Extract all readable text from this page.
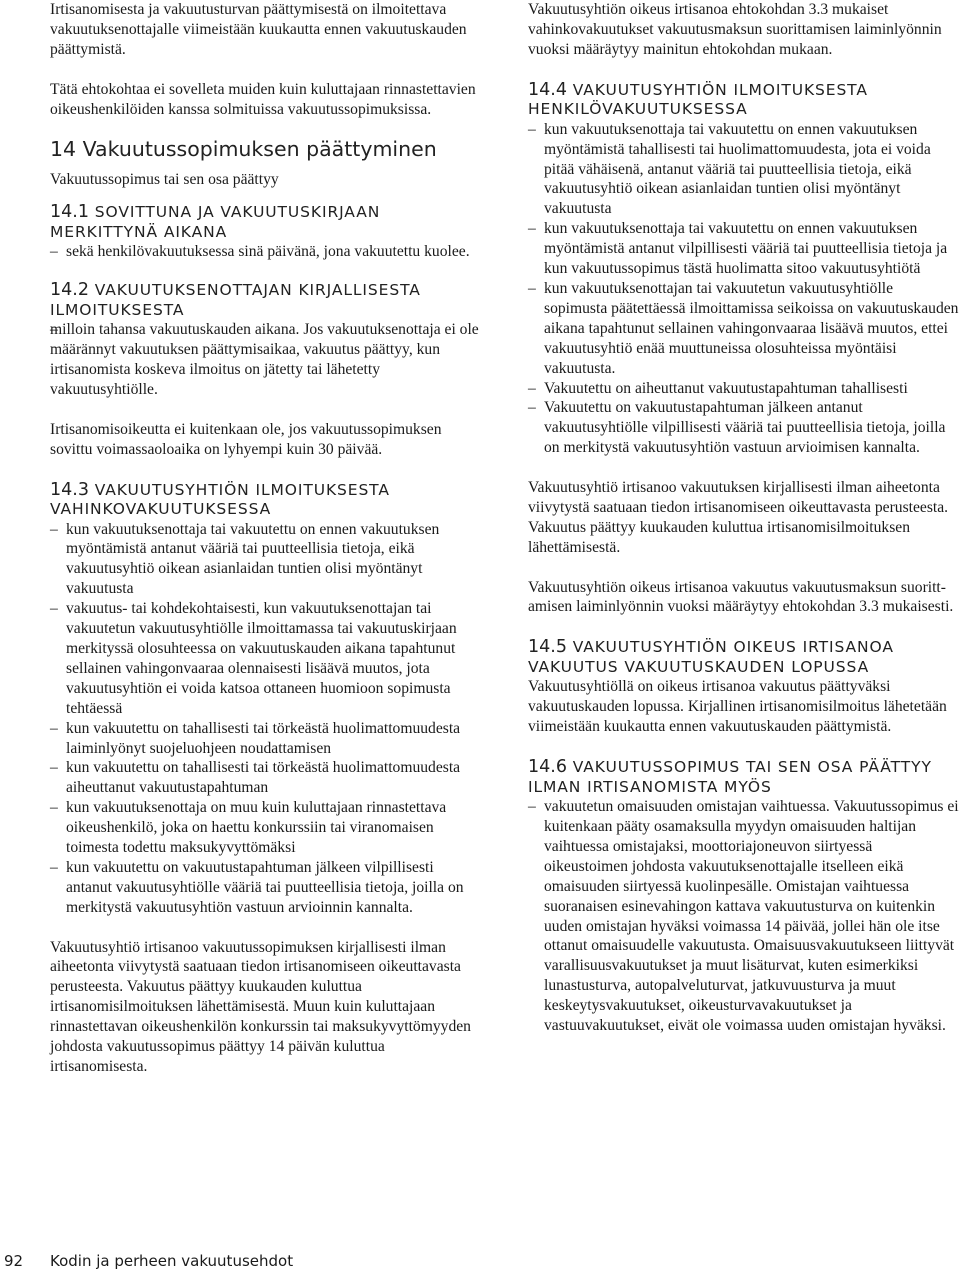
Irtisanomisesta ja vakuutusturvan päättymisestä on ilmoitettava vakuutuksenottajalle viimeistään kuukautta ennen vakuutuskauden päättymistä.

Tätä ehtokohtaa ei sovelleta muiden kuin kuluttajaan rinnastettavien oikeushenkilöiden kanssa solmituissa vakuutussopimuksissa.

14 Vakuutussopimuksen päättyminen

Vakuutussopimus tai sen osa päättyy

14.1 SOVITTUNA JA VAKUUTUSKIRJAAN MERKITTYNÄ AIKANA
– sekä henkilövakuutuksessa sinä päivänä, jona vakuutettu kuolee.
14.2 VAKUUTUKSENOTTAJAN KIRJALLISESTA ILMOITUKSESTA
– milloin tahansa vakuutuskauden aikana. Jos vakuutuksenottaja ei ole määrännyt vakuutuksen päättymisaikaa, vakuutus päättyy, kun irtisanomista koskeva ilmoitus on jätetty tai lähetetty vakuutusyhtiölle.

Irtisanomisoikeutta ei kuitenkaan ole, jos vakuutussopimuksen sovittu voimassaoloaika on lyhyempi kuin 30 päivää.

14.3 VAKUUTUSYHTIÖN ILMOITUKSESTA VAHINKOVAKUUTUKSESSA
– kun vakuutuksenottaja tai vakuutettu on ennen vakuutuksen myöntämistä antanut vääriä tai puutteellisia tietoja, eikä vakuutusyhtiö oikean asianlaidan tuntien olisi myöntänyt vakuutusta
– vakuutus- tai kohdekohtaisesti, kun vakuutuksenottajan tai vakuutetun vakuutusyhtiölle ilmoittamassa tai vakuutuskirjaan merkityssä olosuhteessa on vakuutuskauden aikana tapahtunut sellainen vahingonvaaraa olennaisesti lisäävä muutos, jota vakuutusyhtiön ei voida katsoa ottaneen huomioon sopimusta tehtäessä
– kun vakuutettu on tahallisesti tai törkeästä huolimattomuudesta laiminlyönyt suojeluohjeen noudattamisen
– kun vakuutettu on tahallisesti tai törkeästä huolimattomuudesta aiheuttanut vakuutustapahtuman
– kun vakuutuksenottaja on muu kuin kuluttajaan rinnastettava oikeushenkilö, joka on haettu konkurssiin tai viranomaisen toimesta todettu maksukyvyttömäksi
– kun vakuutettu on vakuutustapahtuman jälkeen vilpillisesti antanut vakuutusyhtiölle vääriä tai puutteellisia tietoja, joilla on merkitystä vakuutusyhtiön vastuun arvioinnin kannalta.

Vakuutusyhtiö irtisanoo vakuutussopimuksen kirjallisesti ilman aiheetonta viivytystä saatuaan tiedon irtisanomiseen oikeuttavasta perusteesta. Vakuutus päättyy kuukauden kuluttua irtisanomisilmoituksen lähettämisestä. Muun kuin kuluttajaan rinnastettavan oikeushenkilön konkurssin tai maksukyvyttömyyden johdosta vakuutussopimus päättyy 14 päivän kuluttua irtisanomisesta.

Vakuutusyhtiön oikeus irtisanoa ehtokohdan 3.3 mukaiset vahinkovakuutukset vakuutusmaksun suorittamisen laiminlyönnin vuoksi määräytyy mainitun ehtokohdan mukaan.

14.4 VAKUUTUSYHTIÖN ILMOITUKSESTA HENKILÖVAKUUTUKSESSA
– kun vakuutuksenottaja tai vakuutettu on ennen vakuutuksen myöntämistä tahallisesti tai huolimattomuudesta, jota ei voida pitää vähäisenä, antanut vääriä tai puutteellisia tietoja, eikä vakuutusyhtiö oikean asianlaidan tuntien olisi myöntänyt vakuutusta
– kun vakuutuksenottaja tai vakuutettu on ennen vakuutuksen myöntämistä antanut vilpillisesti vääriä tai puutteellisia tietoja ja kun vakuutussopimus tästä huolimatta sitoo vakuutusyhtiötä
– kun vakuutuksenottajan tai vakuutetun vakuutusyhtiölle sopimusta päätettäessä ilmoittamissa seikoissa on vakuutuskauden aikana tapahtunut sellainen vahingonvaaraa lisäävä muutos, ettei vakuutusyhtiö enää muuttuneissa olosuhteissa myöntäisi vakuutusta.
– Vakuutettu on aiheuttanut vakuutustapahtuman tahallisesti
– Vakuutettu on vakuutustapahtuman jälkeen antanut vakuutusyhtiölle vilpillisesti vääriä tai puutteellisia tietoja, joilla on merkitystä vakuutusyhtiön vastuun arvioimisen kannalta.

Vakuutusyhtiö irtisanoo vakuutuksen kirjallisesti ilman aiheetonta viivytystä saatuaan tiedon irtisanomiseen oikeuttavasta perusteesta. Vakuutus päättyy kuukauden kuluttua irtisanomisilmoituksen lähettämisestä.

Vakuutusyhtiön oikeus irtisanoa vakuutus vakuutusmaksun suorittamisen laiminlyönnin vuoksi määräytyy ehtokohdan 3.3 mukaisesti.

14.5 VAKUUTUSYHTIÖN OIKEUS IRTISANOA VAKUUTUS VAKUUTUSKAUDEN LOPUSSA

Vakuutusyhtiöllä on oikeus irtisanoa vakuutus päättyväksi vakuutuskauden lopussa. Kirjallinen irtisanomisilmoitus lähetetään viimeistään kuukautta ennen vakuutuskauden päättymistä.

14.6 VAKUUTUSSOPIMUS TAI SEN OSA PÄÄTTYY ILMAN IRTISANOMISTA MYÖS
– vakuutetun omaisuuden omistajan vaihtuessa. Vakuutussopimus ei kuitenkaan pääty osamaksulla myydyn omaisuuden haltijan vaihtuessa omistajaksi, moottoriajoneuvon siirtyessä oikeustoimen johdosta vakuutuksenottajalle itselleen eikä omaisuuden siirtyessä kuolinpesälle. Omistajan vaihtuessa suoranaisen esinevahingon kattava vakuutusturva on kuitenkin uuden omistajan hyväksi voimassa 14 päivää, jollei hän ole itse ottanut omaisuudelle vakuutusta. Omaisuusvakuutukseen liittyvät varallisuusvakuutukset ja muut lisäturvat, kuten esimerkiksi lunastusturva, autopalveluturvat, jatkuvuusturva ja muut keskeytysvakuutukset, oikeusturvavakuutukset ja vastuuvakuutukset, eivät ole voimassa uuden omistajan hyväksi.
92 Kodin ja perheen vakuutusehdot
